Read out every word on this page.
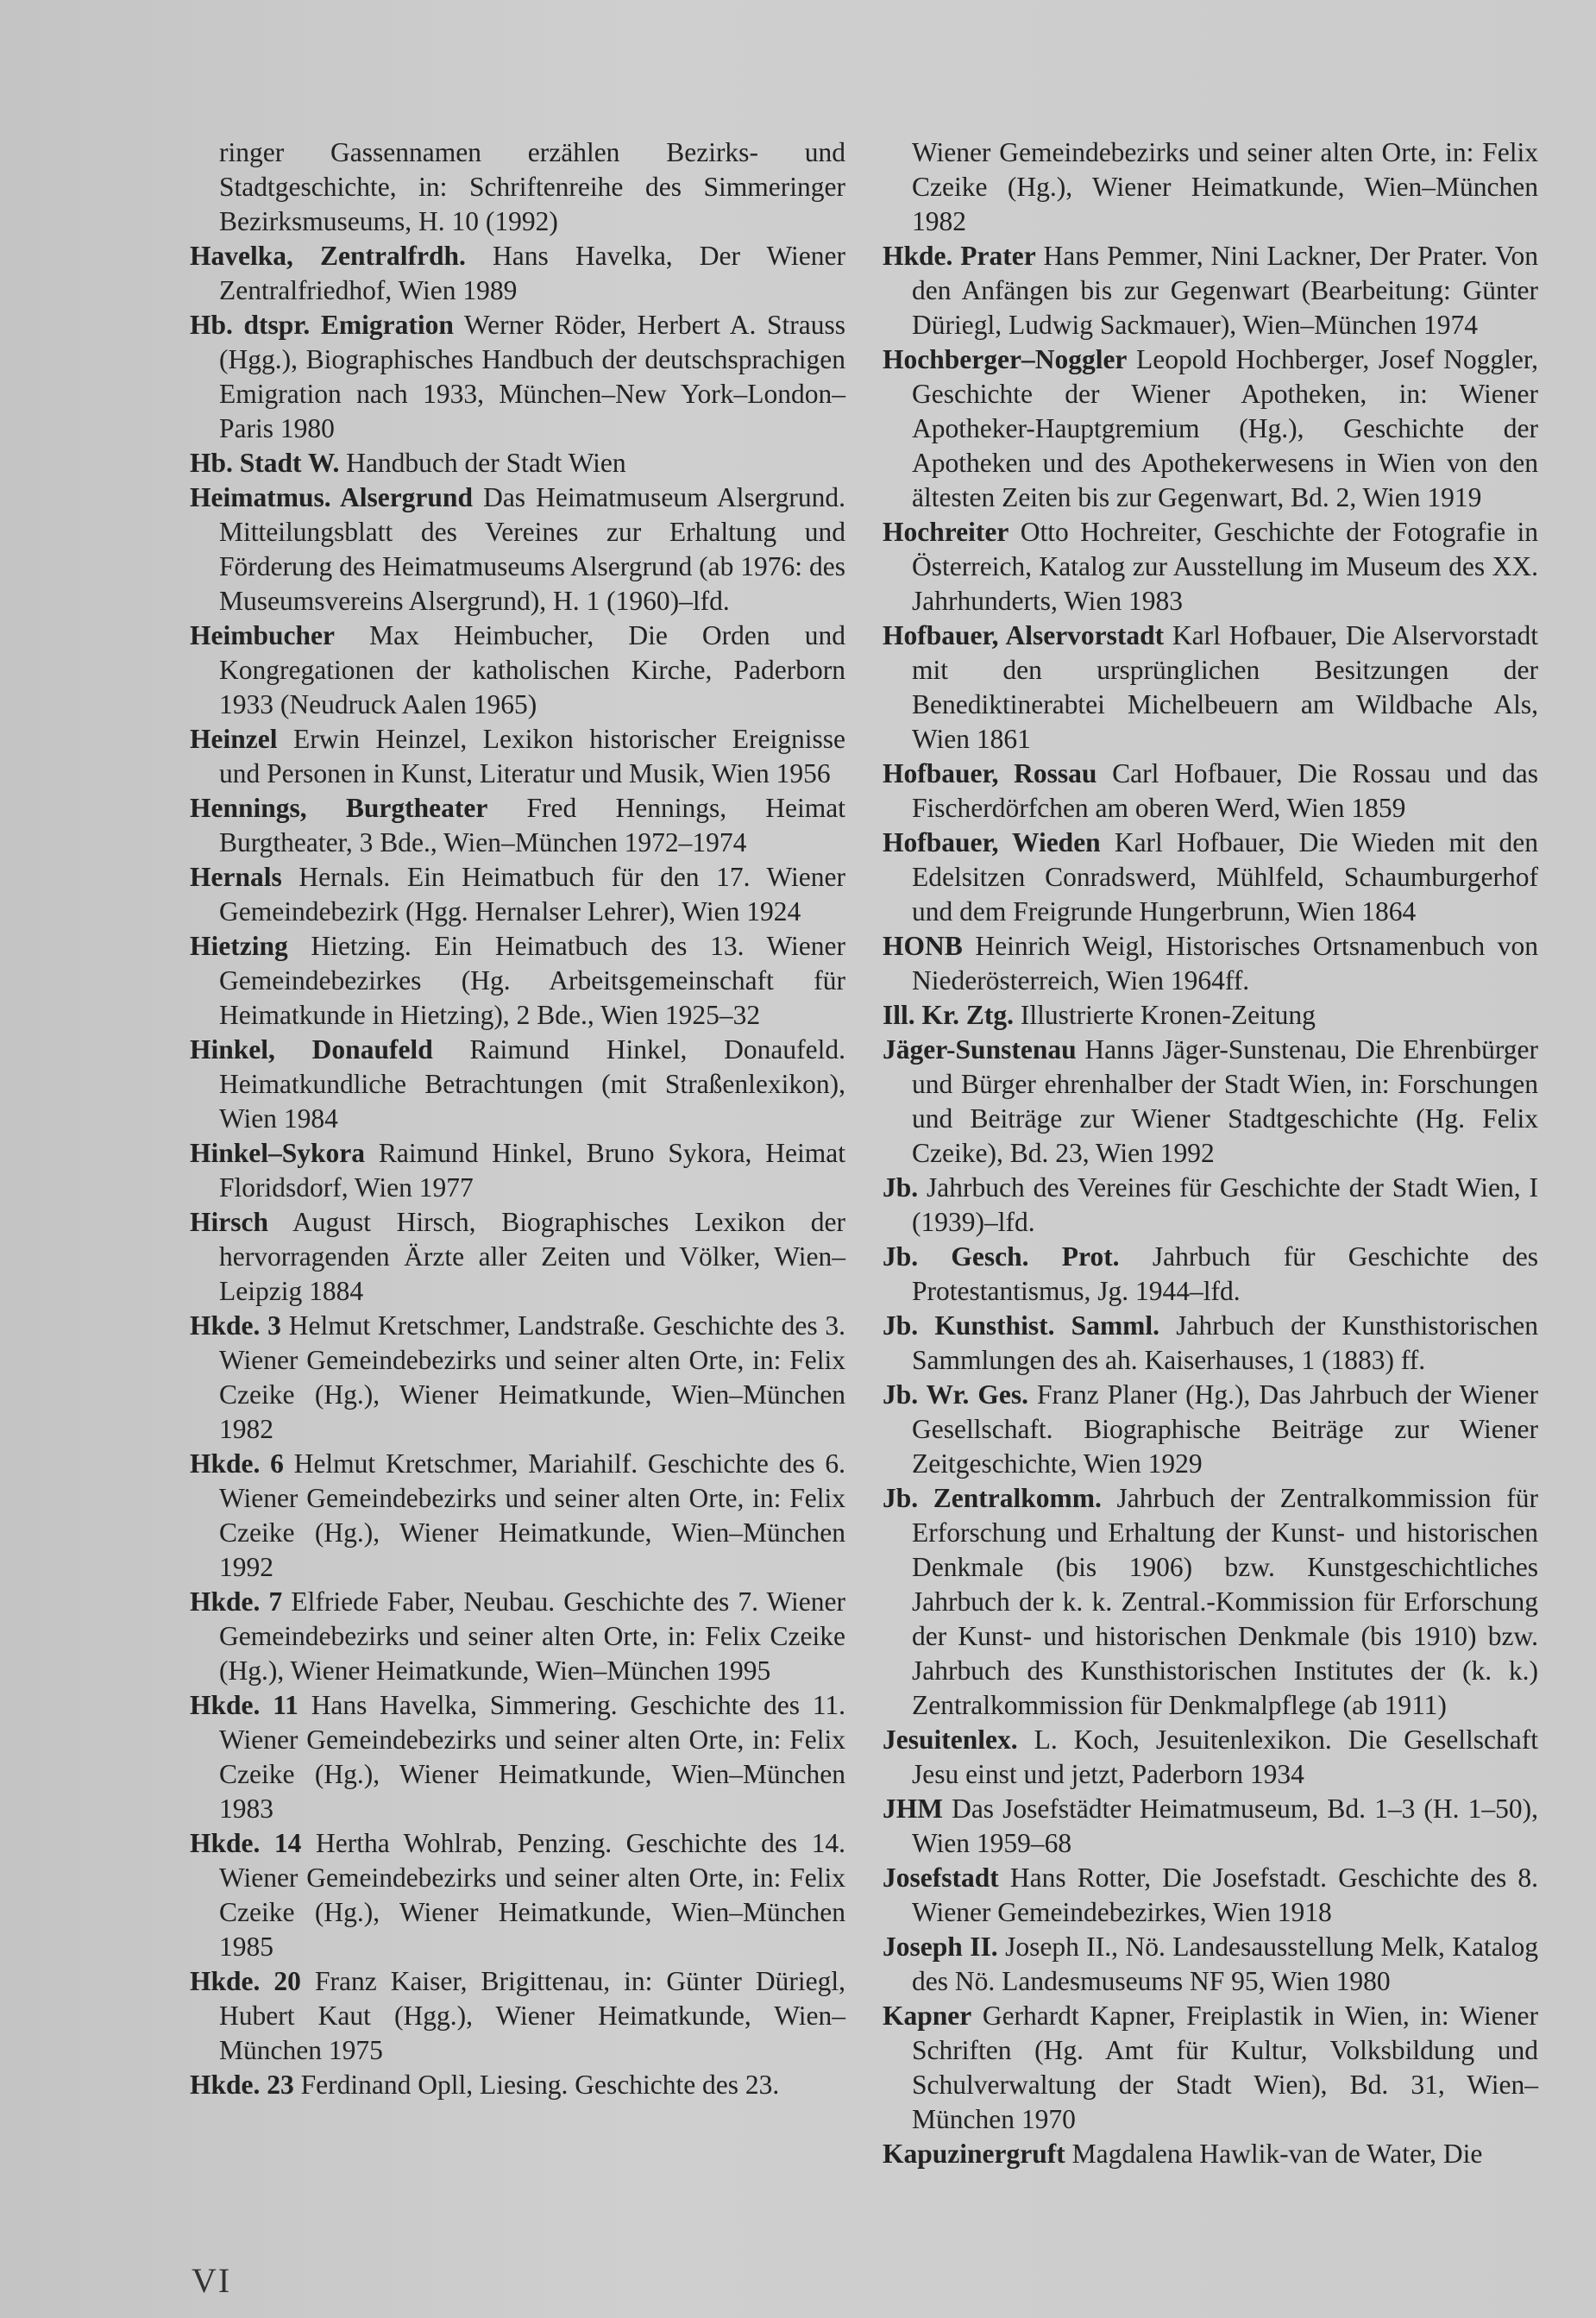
ringer Gassennamen erzählen Bezirks- und Stadtgeschichte, in: Schriftenreihe des Simmeringer Bezirksmuseums, H. 10 (1992)

Havelka, Zentralfrdh. Hans Havelka, Der Wiener Zentralfriedhof, Wien 1989

Hb. dtspr. Emigration Werner Röder, Herbert A. Strauss (Hgg.), Biographisches Handbuch der deutschsprachigen Emigration nach 1933, München–New York–London–Paris 1980

Hb. Stadt W. Handbuch der Stadt Wien

Heimatmus. Alsergrund Das Heimatmuseum Alsergrund. Mitteilungsblatt des Vereines zur Erhaltung und Förderung des Heimatmuseums Alsergrund (ab 1976: des Museumsvereins Alsergrund), H. 1 (1960)–lfd.

Heimbucher Max Heimbucher, Die Orden und Kongregationen der katholischen Kirche, Paderborn 1933 (Neudruck Aalen 1965)

Heinzel Erwin Heinzel, Lexikon historischer Ereignisse und Personen in Kunst, Literatur und Musik, Wien 1956

Hennings, Burgtheater Fred Hennings, Heimat Burgtheater, 3 Bde., Wien–München 1972–1974

Hernals Hernals. Ein Heimatbuch für den 17. Wiener Gemeindebezirk (Hgg. Hernalser Lehrer), Wien 1924

Hietzing Hietzing. Ein Heimatbuch des 13. Wiener Gemeindebezirkes (Hg. Arbeitsgemeinschaft für Heimatkunde in Hietzing), 2 Bde., Wien 1925–32

Hinkel, Donaufeld Raimund Hinkel, Donaufeld. Heimatkundliche Betrachtungen (mit Straßenlexikon), Wien 1984

Hinkel–Sykora Raimund Hinkel, Bruno Sykora, Heimat Floridsdorf, Wien 1977

Hirsch August Hirsch, Biographisches Lexikon der hervorragenden Ärzte aller Zeiten und Völker, Wien–Leipzig 1884

Hkde. 3 Helmut Kretschmer, Landstraße. Geschichte des 3. Wiener Gemeindebezirks und seiner alten Orte, in: Felix Czeike (Hg.), Wiener Heimatkunde, Wien–München 1982

Hkde. 6 Helmut Kretschmer, Mariahilf. Geschichte des 6. Wiener Gemeindebezirks und seiner alten Orte, in: Felix Czeike (Hg.), Wiener Heimatkunde, Wien–München 1992

Hkde. 7 Elfriede Faber, Neubau. Geschichte des 7. Wiener Gemeindebezirks und seiner alten Orte, in: Felix Czeike (Hg.), Wiener Heimatkunde, Wien–München 1995

Hkde. 11 Hans Havelka, Simmering. Geschichte des 11. Wiener Gemeindebezirks und seiner alten Orte, in: Felix Czeike (Hg.), Wiener Heimatkunde, Wien–München 1983

Hkde. 14 Hertha Wohlrab, Penzing. Geschichte des 14. Wiener Gemeindebezirks und seiner alten Orte, in: Felix Czeike (Hg.), Wiener Heimatkunde, Wien–München 1985

Hkde. 20 Franz Kaiser, Brigittenau, in: Günter Düriegl, Hubert Kaut (Hgg.), Wiener Heimatkunde, Wien–München 1975

Hkde. 23 Ferdinand Opll, Liesing. Geschichte des 23.

Wiener Gemeindebezirks und seiner alten Orte, in: Felix Czeike (Hg.), Wiener Heimatkunde, Wien–München 1982

Hkde. Prater Hans Pemmer, Nini Lackner, Der Prater. Von den Anfängen bis zur Gegenwart (Bearbeitung: Günter Düriegl, Ludwig Sackmauer), Wien–München 1974

Hochberger–Noggler Leopold Hochberger, Josef Noggler, Geschichte der Wiener Apotheken, in: Wiener Apotheker-Hauptgremium (Hg.), Geschichte der Apotheken und des Apothekerwesens in Wien von den ältesten Zeiten bis zur Gegenwart, Bd. 2, Wien 1919

Hochreiter Otto Hochreiter, Geschichte der Fotografie in Österreich, Katalog zur Ausstellung im Museum des XX. Jahrhunderts, Wien 1983

Hofbauer, Alservorstadt Karl Hofbauer, Die Alservorstadt mit den ursprünglichen Besitzungen der Benediktinerabtei Michelbeuern am Wildbache Als, Wien 1861

Hofbauer, Rossau Carl Hofbauer, Die Rossau und das Fischerdörfchen am oberen Werd, Wien 1859

Hofbauer, Wieden Karl Hofbauer, Die Wieden mit den Edelsitzen Conradswerd, Mühlfeld, Schaumburgerhof und dem Freigrunde Hungerbrunn, Wien 1864

HONB Heinrich Weigl, Historisches Ortsnamenbuch von Niederösterreich, Wien 1964ff.

Ill. Kr. Ztg. Illustrierte Kronen-Zeitung

Jäger-Sunstenau Hanns Jäger-Sunstenau, Die Ehrenbürger und Bürger ehrenhalber der Stadt Wien, in: Forschungen und Beiträge zur Wiener Stadtgeschichte (Hg. Felix Czeike), Bd. 23, Wien 1992

Jb. Jahrbuch des Vereines für Geschichte der Stadt Wien, I (1939)–lfd.

Jb. Gesch. Prot. Jahrbuch für Geschichte des Protestantismus, Jg. 1944–lfd.

Jb. Kunsthist. Samml. Jahrbuch der Kunsthistorischen Sammlungen des ah. Kaiserhauses, 1 (1883) ff.

Jb. Wr. Ges. Franz Planer (Hg.), Das Jahrbuch der Wiener Gesellschaft. Biographische Beiträge zur Wiener Zeitgeschichte, Wien 1929

Jb. Zentralkomm. Jahrbuch der Zentralkommission für Erforschung und Erhaltung der Kunst- und historischen Denkmale (bis 1906) bzw. Kunstgeschichtliches Jahrbuch der k. k. Zentral.-Kommission für Erforschung der Kunst- und historischen Denkmale (bis 1910) bzw. Jahrbuch des Kunsthistorischen Institutes der (k. k.) Zentralkommission für Denkmalpflege (ab 1911)

Jesuitenlex. L. Koch, Jesuitenlexikon. Die Gesellschaft Jesu einst und jetzt, Paderborn 1934

JHM Das Josefstädter Heimatmuseum, Bd. 1–3 (H. 1–50), Wien 1959–68

Josefstadt Hans Rotter, Die Josefstadt. Geschichte des 8. Wiener Gemeindebezirkes, Wien 1918

Joseph II. Joseph II., Nö. Landesausstellung Melk, Katalog des Nö. Landesmuseums NF 95, Wien 1980

Kapner Gerhardt Kapner, Freiplastik in Wien, in: Wiener Schriften (Hg. Amt für Kultur, Volksbildung und Schulverwaltung der Stadt Wien), Bd. 31, Wien–München 1970

Kapuzinergruft Magdalena Hawlik-van de Water, Die

VI
